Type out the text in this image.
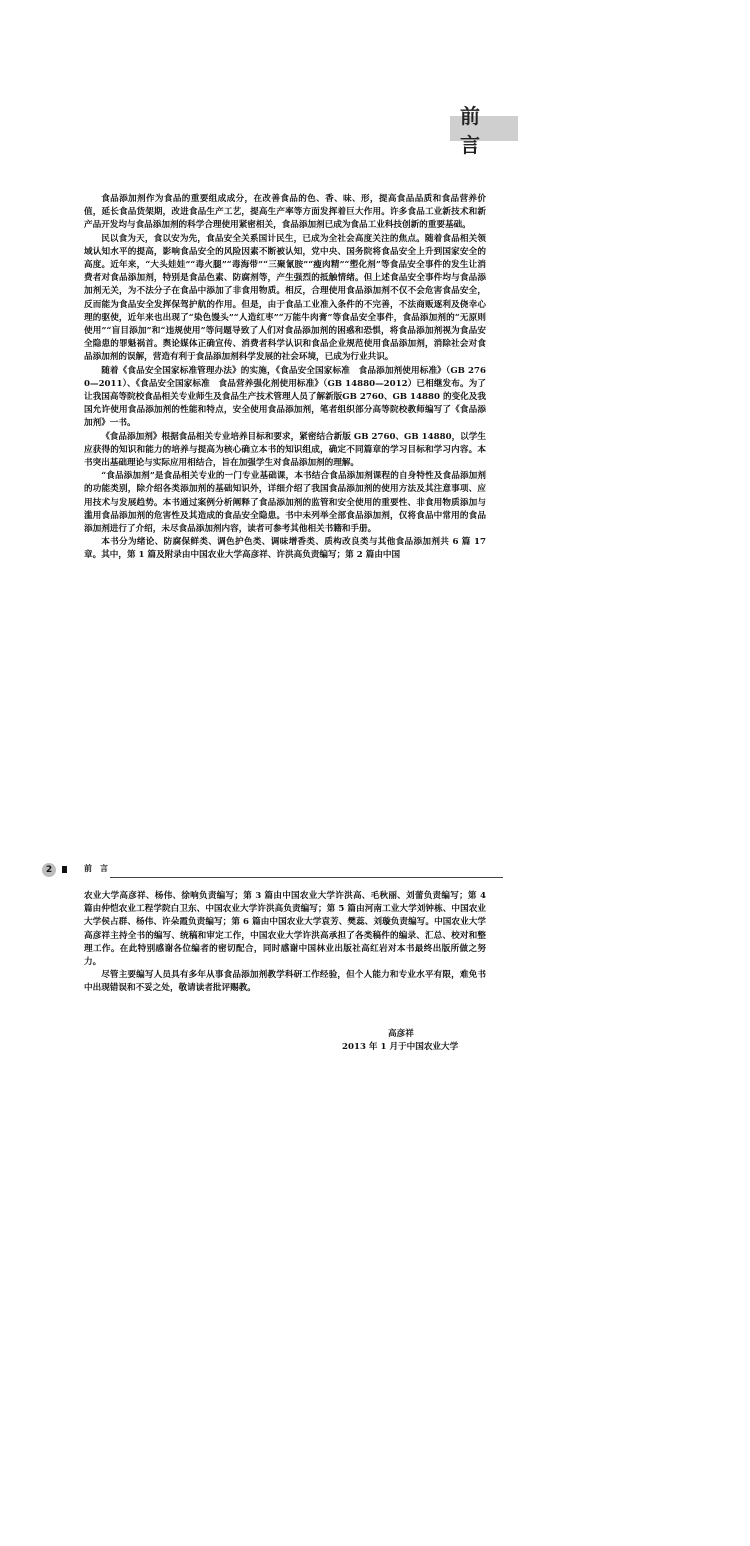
前 言

食品添加剂作为食品的重要组成成分，在改善食品的色、香、味、形，提高食品品质和食品营养价值，延长食品货架期，改进食品生产工艺，提高生产率等方面发挥着巨大作用。许多食品工业新技术和新产品开发均与食品添加剂的科学合理使用紧密相关，食品添加剂已成为食品工业科技创新的重要基础。

民以食为天，食以安为先，食品安全关系国计民生，已成为全社会高度关注的焦点。随着食品相关领域认知水平的提高，影响食品安全的风险因素不断被认知，党中央、国务院将食品安全上升到国家安全的高度。近年来，“大头娃娃”“毒火腿”“毒海带”“三聚氰胺”“瘦肉精”“塑化剂”等食品安全事件的发生让消费者对食品添加剂，特别是食品色素、防腐剂等，产生强烈的抵触情绪。但上述食品安全事件均与食品添加剂无关，为不法分子在食品中添加了非食用物质。相反，合理使用食品添加剂不仅不会危害食品安全，反而能为食品安全发挥保驾护航的作用。但是，由于食品工业准入条件的不完善，不法商贩逐利及侥幸心理的驱使，近年来也出现了“染色馒头”“人造红枣”“万能牛肉膏”等食品安全事件，食品添加剂的“无原则使用”“盲目添加”和“违规使用”等问题导致了人们对食品添加剂的困惑和恐惧，将食品添加剂视为食品安全隐患的罪魁祸首。舆论媒体正确宣传、消费者科学认识和食品企业规范使用食品添加剂，消除社会对食品添加剂的误解，营造有利于食品添加剂科学发展的社会环境，已成为行业共识。

随着《食品安全国家标准管理办法》的实施，《食品安全国家标准　食品添加剂使用标准》（GB 2760—2011）、《食品安全国家标准　食品营养强化剂使用标准》（GB 14880—2012）已相继发布。为了让我国高等院校食品相关专业师生及食品生产技术管理人员了解新版GB 2760、GB 14880 的变化及我国允许使用食品添加剂的性能和特点，安全使用食品添加剂，笔者组织部分高等院校教师编写了《食品添加剂》一书。

《食品添加剂》根据食品相关专业培养目标和要求，紧密结合新版 GB 2760、GB 14880，以学生应获得的知识和能力的培养与提高为核心确立本书的知识组成，确定不同篇章的学习目标和学习内容。本书突出基础理论与实际应用相结合，旨在加强学生对食品添加剂的理解。

“食品添加剂”是食品相关专业的一门专业基础课，本书结合食品添加剂课程的自身特性及食品添加剂的功能类别，除介绍各类添加剂的基础知识外，详细介绍了我国食品添加剂的使用方法及其注意事项、应用技术与发展趋势。本书通过案例分析阐释了食品添加剂的监管和安全使用的重要性、非食用物质添加与滥用食品添加剂的危害性及其造成的食品安全隐患。书中未列举全部食品添加剂，仅将食品中常用的食品添加剂进行了介绍，未尽食品添加剂内容，读者可参考其他相关书籍和手册。

本书分为绪论、防腐保鲜类、调色护色类、调味增香类、质构改良类与其他食品添加剂共 6 篇 17 章。其中，第 1 篇及附录由中国农业大学高彦祥、许洪高负责编写；第 2 篇由中国

2	前　言

农业大学高彦祥、杨伟、徐响负责编写；第 3 篇由中国农业大学许洪高、毛秋丽、刘蕾负责编写；第 4 篇由仲恺农业工程学院白卫东、中国农业大学许洪高负责编写；第 5 篇由河南工业大学刘钟栋、中国农业大学侯占群、杨伟、许朵霞负责编写；第 6 篇由中国农业大学袁芳、樊蕊、刘璇负责编写。中国农业大学高彦祥主持全书的编写、统稿和审定工作，中国农业大学许洪高承担了各类稿件的编录、汇总、校对和整理工作。在此特别感谢各位编者的密切配合，同时感谢中国林业出版社高红岩对本书最终出版所做之努力。

尽管主要编写人员具有多年从事食品添加剂教学科研工作经验，但个人能力和专业水平有限，难免书中出现错误和不妥之处，敬请读者批评赐教。

高彦祥
2013 年 1 月于中国农业大学
